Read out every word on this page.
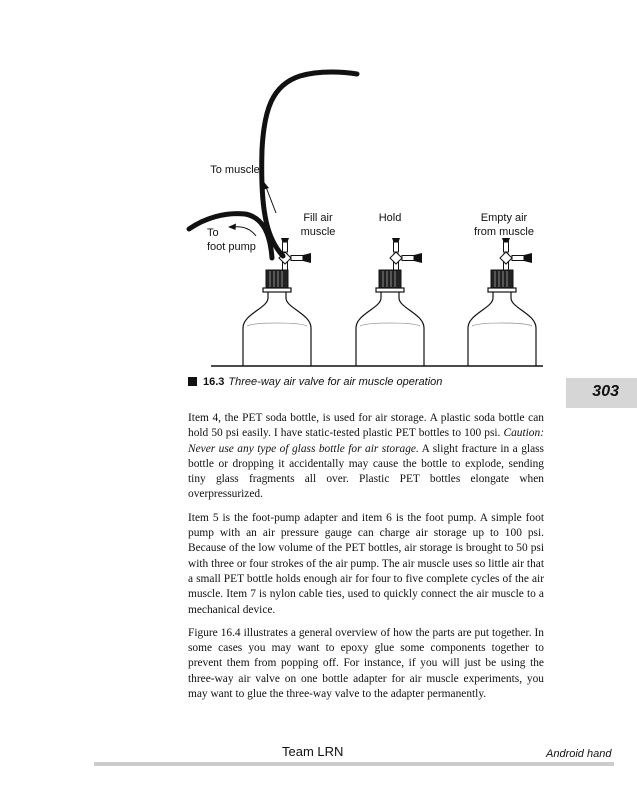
To muscle
To
foot pump
Fill air
muscle
Hold	Empty air
from muscle
16.3 Three-way air valve for air muscle operation
303

Item 4, the PET soda bottle, is used for air storage. A plastic soda bottle can hold 50 psi easily. I have static-tested plastic PET bottles to 100 psi. Caution: Never use any type of glass bottle for air storage. A slight fracture in a glass bottle or dropping it accidentally may cause the bottle to explode, sending tiny glass fragments all over. Plastic PET bottles elongate when overpressurized.

Item 5 is the foot-pump adapter and item 6 is the foot pump. A simple foot pump with an air pressure gauge can charge air storage up to 100 psi. Because of the low volume of the PET bottles, air storage is brought to 50 psi with three or four strokes of the air pump. The air muscle uses so little air that a small PET bottle holds enough air for four to five complete cycles of the air muscle. Item 7 is nylon cable ties, used to quickly connect the air muscle to a mechanical device.

Figure 16.4 illustrates a general overview of how the parts are put together. In some cases you may want to epoxy glue some components together to prevent them from popping off. For instance, if you will just be using the three-way air valve on one bottle adapter for air muscle experiments, you may want to glue the three-way valve to the adapter permanently.

Team LRN	Android hand
